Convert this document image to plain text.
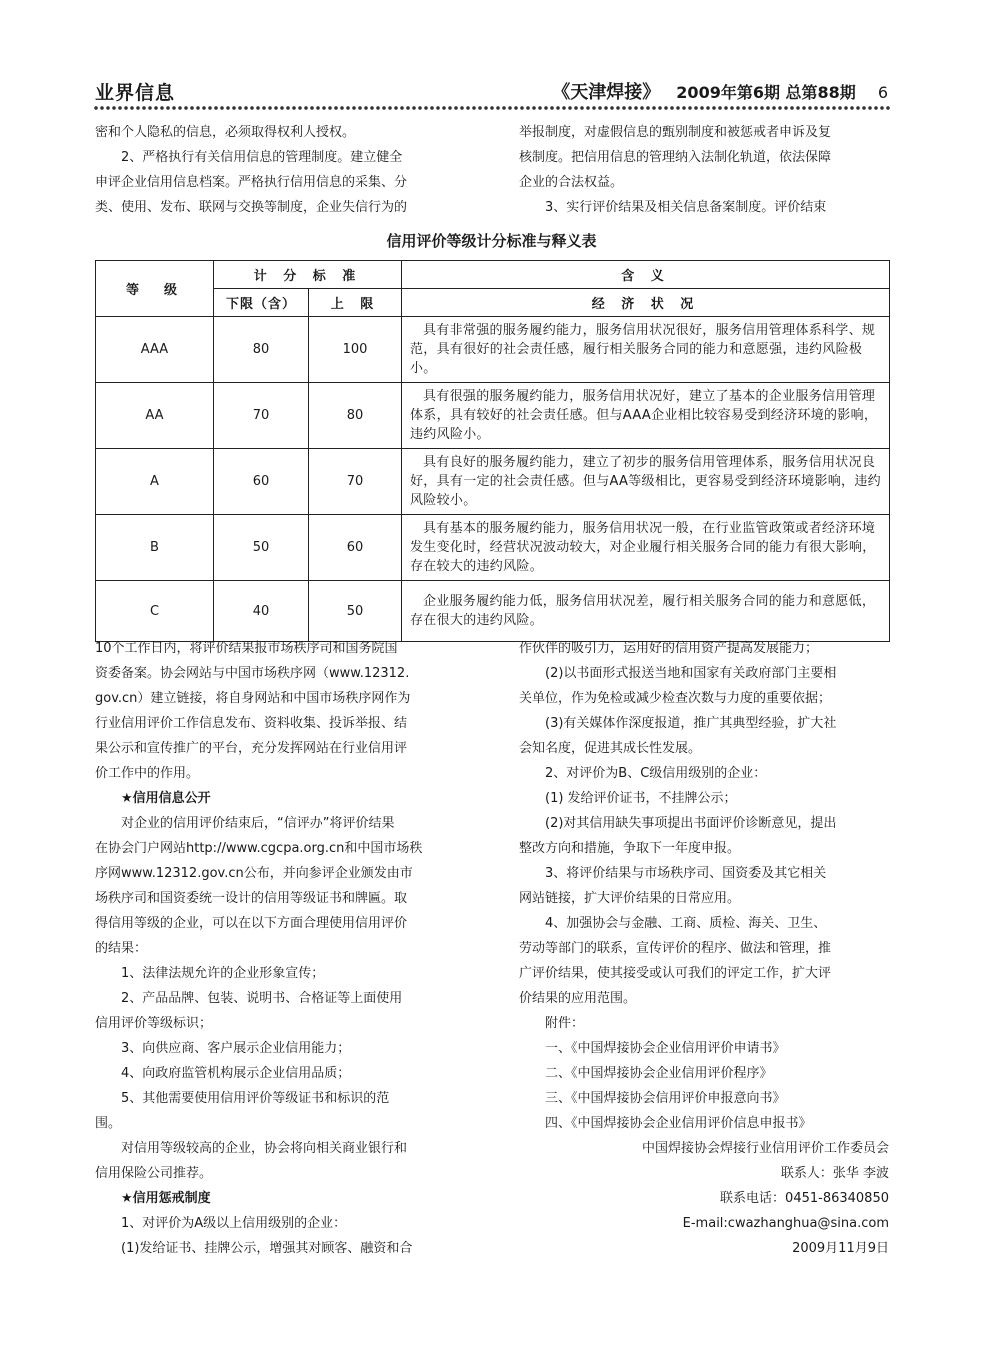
业界信息	《天津焊接》 2009年第6期 总第88期 6

密和个人隐私的信息，必须取得权利人授权。

2、严格执行有关信用信息的管理制度。建立健全

申评企业信用信息档案。严格执行信用信息的采集、分

类、使用、发布、联网与交换等制度，企业失信行为的

举报制度，对虚假信息的甄别制度和被惩戒者申诉及复

核制度。把信用信息的管理纳入法制化轨道，依法保障

企业的合法权益。

3、实行评价结果及相关信息备案制度。评价结束

信用评价等级计分标准与释义表
等　级	计 分 标 准		含 义
	下限（含）	上 限	经 济 状 况
AAA	80	100	具有非常强的服务履约能力，服务信用状况很好，服务信用管理体系科学、规范，具有很好的社会责任感，履行相关服务合同的能力和意愿强，违约风险极小。
AA	70	80	具有很强的服务履约能力，服务信用状况好，建立了基本的企业服务信用管理体系，具有较好的社会责任感。但与AAA企业相比较容易受到经济环境的影响，违约风险小。
A	60	70	具有良好的服务履约能力，建立了初步的服务信用管理体系，服务信用状况良好，具有一定的社会责任感。但与AA等级相比，更容易受到经济环境影响，违约风险较小。
B	50	60	具有基本的服务履约能力，服务信用状况一般，在行业监管政策或者经济环境发生变化时，经营状况波动较大，对企业履行相关服务合同的能力有很大影响，存在较大的违约风险。
C	40	50	企业服务履约能力低，服务信用状况差，履行相关服务合同的能力和意愿低，存在很大的违约风险。

10个工作日内，将评价结果报市场秩序司和国务院国

资委备案。协会网站与中国市场秩序网（www.12312.

gov.cn）建立链接，将自身网站和中国市场秩序网作为

行业信用评价工作信息发布、资料收集、投诉举报、结

果公示和宣传推广的平台，充分发挥网站在行业信用评

价工作中的作用。

★信用信息公开

对企业的信用评价结束后，“信评办”将评价结果

在协会门户网站http://www.cgcpa.org.cn和中国市场秩

序网www.12312.gov.cn公布，并向参评企业颁发由市

场秩序司和国资委统一设计的信用等级证书和牌匾。取

得信用等级的企业，可以在以下方面合理使用信用评价

的结果：

1、法律法规允许的企业形象宣传；

2、产品品牌、包装、说明书、合格证等上面使用

信用评价等级标识；

3、向供应商、客户展示企业信用能力；

4、向政府监管机构展示企业信用品质；

5、其他需要使用信用评价等级证书和标识的范

围。

对信用等级较高的企业，协会将向相关商业银行和

信用保险公司推荐。

★信用惩戒制度

1、对评价为A级以上信用级别的企业：

(1)发给证书、挂牌公示，增强其对顾客、融资和合

作伙伴的吸引力，运用好的信用资产提高发展能力；

(2)以书面形式报送当地和国家有关政府部门主要相

关单位，作为免检或减少检查次数与力度的重要依据；

(3)有关媒体作深度报道，推广其典型经验，扩大社

会知名度，促进其成长性发展。

2、对评价为B、C级信用级别的企业：

(1) 发给评价证书，不挂牌公示；

(2)对其信用缺失事项提出书面评价诊断意见，提出

整改方向和措施，争取下一年度申报。

3、将评价结果与市场秩序司、国资委及其它相关

网站链接，扩大评价结果的日常应用。

4、加强协会与金融、工商、质检、海关、卫生、

劳动等部门的联系，宣传评价的程序、做法和管理，推

广评价结果，使其接受或认可我们的评定工作，扩大评

价结果的应用范围。

附件：

一、《中国焊接协会企业信用评价申请书》

二、《中国焊接协会企业信用评价程序》

三、《中国焊接协会信用评价申报意向书》

四、《中国焊接协会企业信用评价信息申报书》

中国焊接协会焊接行业信用评价工作委员会

联系人：张华 李波

联系电话：0451-86340850

E-mail:cwazhanghua@sina.com

2009月11月9日
